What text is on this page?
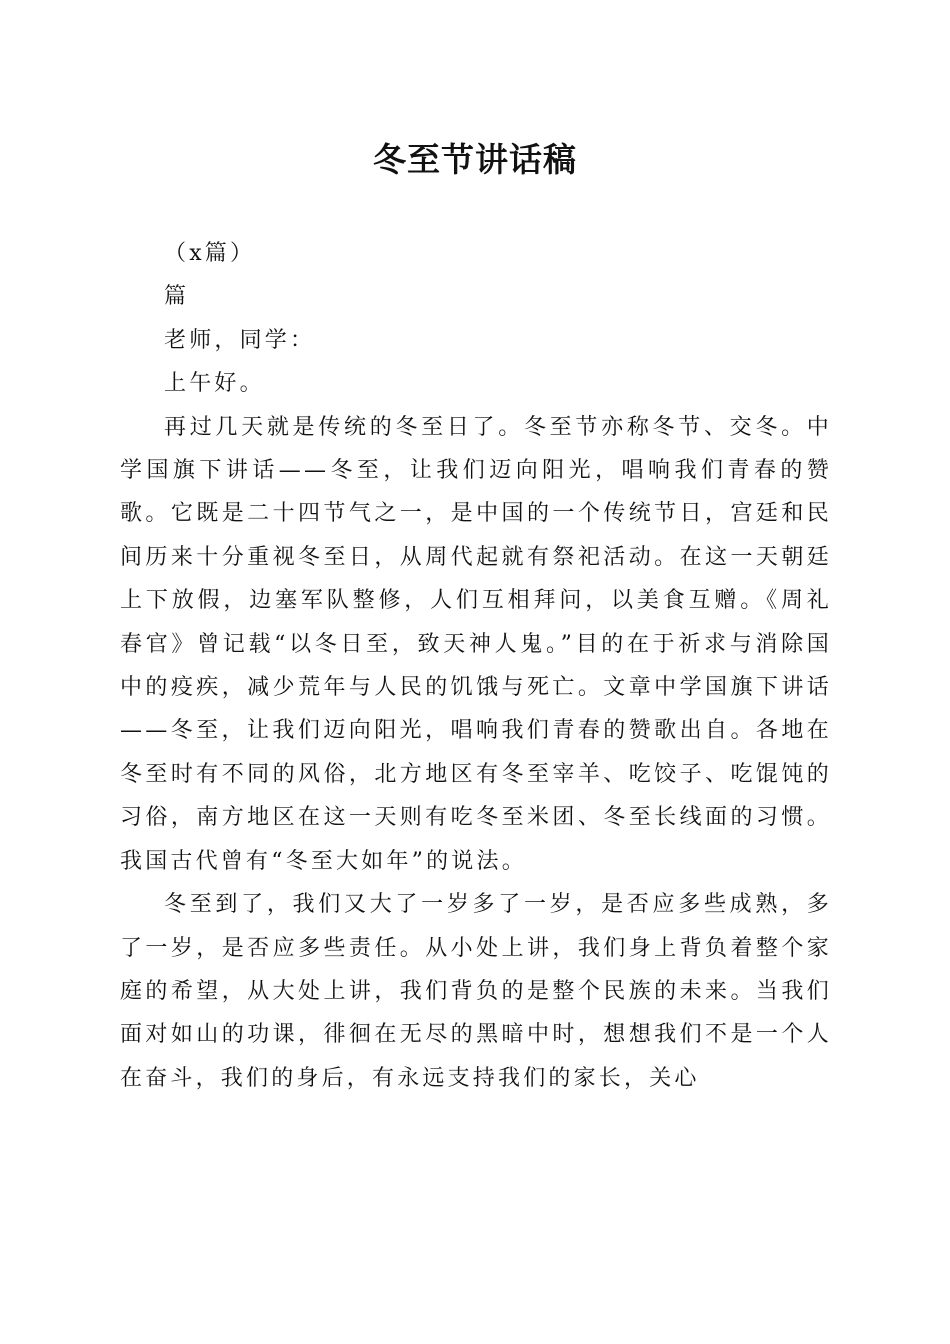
冬至节讲话稿

（x篇）

篇

老师，同学：

上午好。

再过几天就是传统的冬至日了。冬至节亦称冬节、交冬。中学国旗下讲话——冬至，让我们迈向阳光，唱响我们青春的赞歌。它既是二十四节气之一，是中国的一个传统节日，宫廷和民间历来十分重视冬至日，从周代起就有祭祀活动。在这一天朝廷上下放假，边塞军队整修，人们互相拜问，以美食互赠。《周礼春官》曾记载“以冬日至，致天神人鬼。”目的在于祈求与消除国中的疫疾，减少荒年与人民的饥饿与死亡。文章中学国旗下讲话——冬至，让我们迈向阳光，唱响我们青春的赞歌出自。各地在冬至时有不同的风俗，北方地区有冬至宰羊、吃饺子、吃馄饨的习俗，南方地区在这一天则有吃冬至米团、冬至长线面的习惯。我国古代曾有“冬至大如年”的说法。

冬至到了，我们又大了一岁多了一岁，是否应多些成熟，多了一岁，是否应多些责任。从小处上讲，我们身上背负着整个家庭的希望，从大处上讲，我们背负的是整个民族的未来。当我们面对如山的功课，徘徊在无尽的黑暗中时，想想我们不是一个人在奋斗，我们的身后，有永远支持我们的家长，关心
